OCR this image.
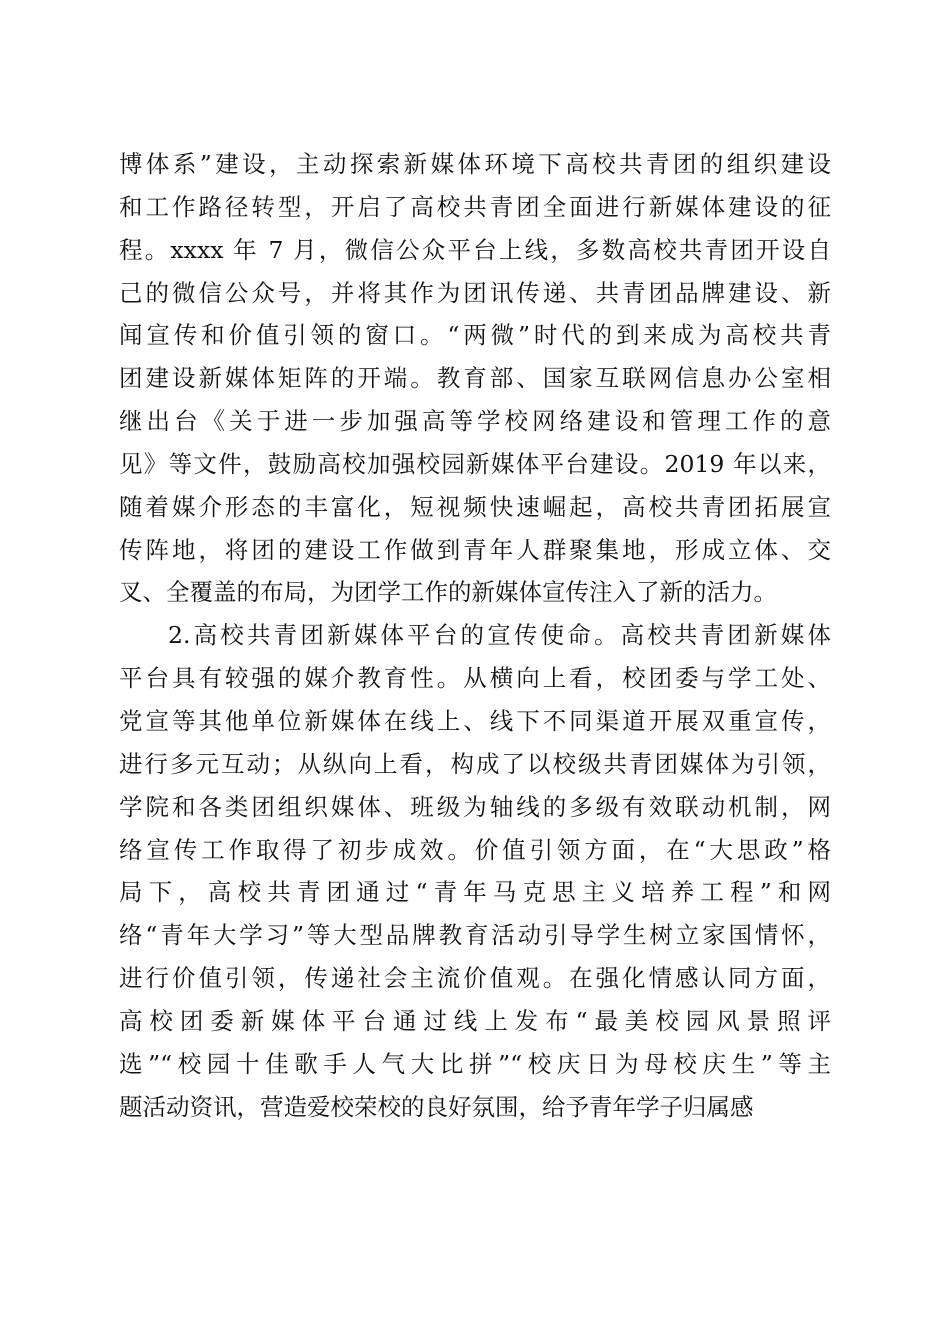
博体系”建设，主动探索新媒体环境下高校共青团的组织建设
和工作路径转型，开启了高校共青团全面进行新媒体建设的征
程。xxxx 年 7 月，微信公众平台上线，多数高校共青团开设自
己的微信公众号，并将其作为团讯传递、共青团品牌建设、新
闻宣传和价值引领的窗口。“两微”时代的到来成为高校共青
团建设新媒体矩阵的开端。教育部、国家互联网信息办公室相
继出台《关于进一步加强高等学校网络建设和管理工作的意
见》等文件，鼓励高校加强校园新媒体平台建设。2019 年以来，
随着媒介形态的丰富化，短视频快速崛起，高校共青团拓展宣
传阵地，将团的建设工作做到青年人群聚集地，形成立体、交
叉、全覆盖的布局，为团学工作的新媒体宣传注入了新的活力。
2.高校共青团新媒体平台的宣传使命。高校共青团新媒体
平台具有较强的媒介教育性。从横向上看，校团委与学工处、
党宣等其他单位新媒体在线上、线下不同渠道开展双重宣传，
进行多元互动；从纵向上看，构成了以校级共青团媒体为引领，
学院和各类团组织媒体、班级为轴线的多级有效联动机制，网
络宣传工作取得了初步成效。价值引领方面，在“大思政”格
局下，高校共青团通过“青年马克思主义培养工程”和网
络“青年大学习”等大型品牌教育活动引导学生树立家国情怀，
进行价值引领，传递社会主流价值观。在强化情感认同方面，
高校团委新媒体平台通过线上发布“最美校园风景照评
选”“校园十佳歌手人气大比拼”“校庆日为母校庆生”等主
题活动资讯，营造爱校荣校的良好氛围，给予青年学子归属感
